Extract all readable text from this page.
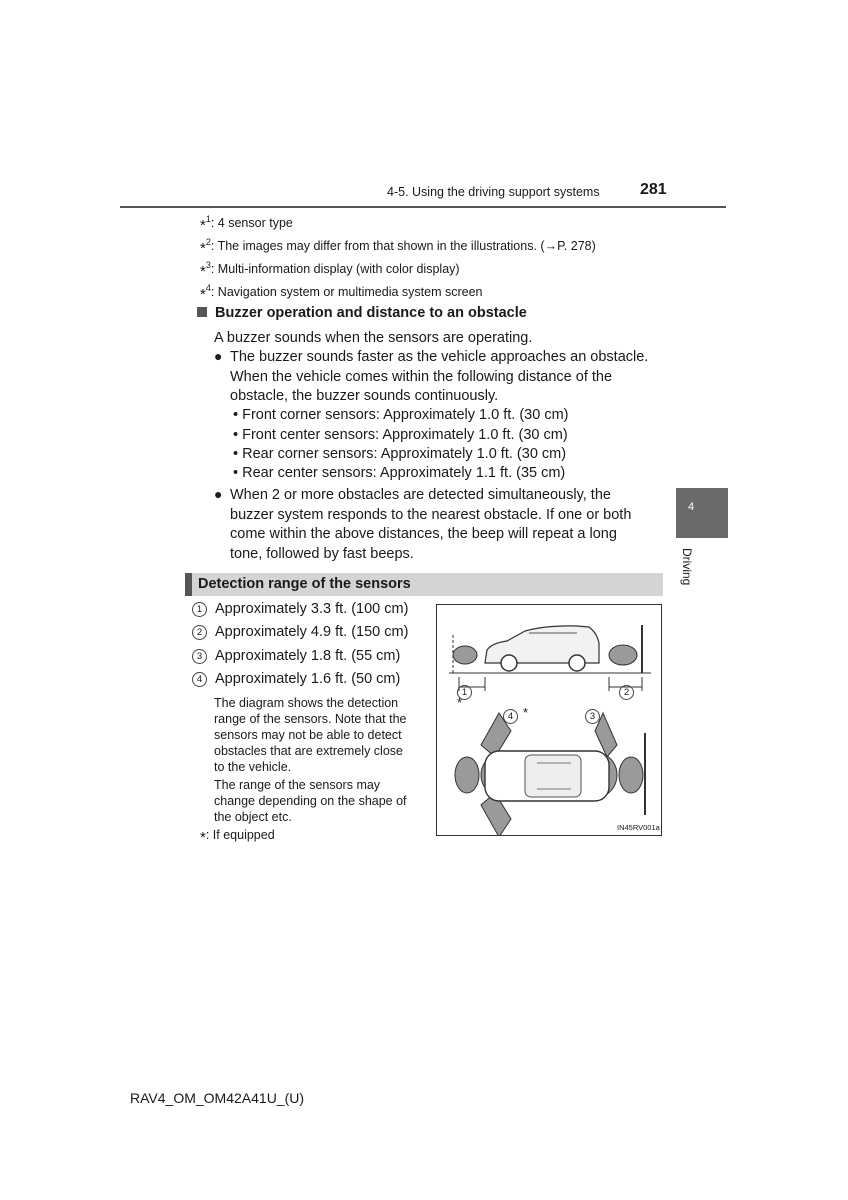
4-5. Using the driving support systems	281
*$^1$: 4 sensor type
*$^2$: The images may differ from that shown in the illustrations. (→P. 278)
*$^3$: Multi-information display (with color display)
*$^4$: Navigation system or multimedia system screen
Buzzer operation and distance to an obstacle
A buzzer sounds when the sensors are operating.
● The buzzer sounds faster as the vehicle approaches an obstacle.
When the vehicle comes within the following distance of the
obstacle, the buzzer sounds continuously.
• Front corner sensors: Approximately 1.0 ft. (30 cm)
• Front center sensors: Approximately 1.0 ft. (30 cm)
• Rear corner sensors: Approximately 1.0 ft. (30 cm)
• Rear center sensors: Approximately 1.1 ft. (35 cm)
● When 2 or more obstacles are detected simultaneously, the
buzzer system responds to the nearest obstacle. If one or both
come within the above distances, the beep will repeat a long
tone, followed by fast beeps.
4
Driving
Detection range of the sensors
1 Approximately 3.3 ft. (100 cm)
2 Approximately 4.9 ft. (150 cm)
3 Approximately 1.8 ft. (55 cm)
4 Approximately 1.6 ft. (50 cm)
The diagram shows the detection
range of the sensors. Note that the
sensors may not be able to detect
obstacles that are extremely close
to the vehicle.
The range of the sensors may
change depending on the shape of
the object etc.
*: If equipped
1	2
3
4 *
*
IN45RV001a
RAV4_OM_OM42A41U_(U)
